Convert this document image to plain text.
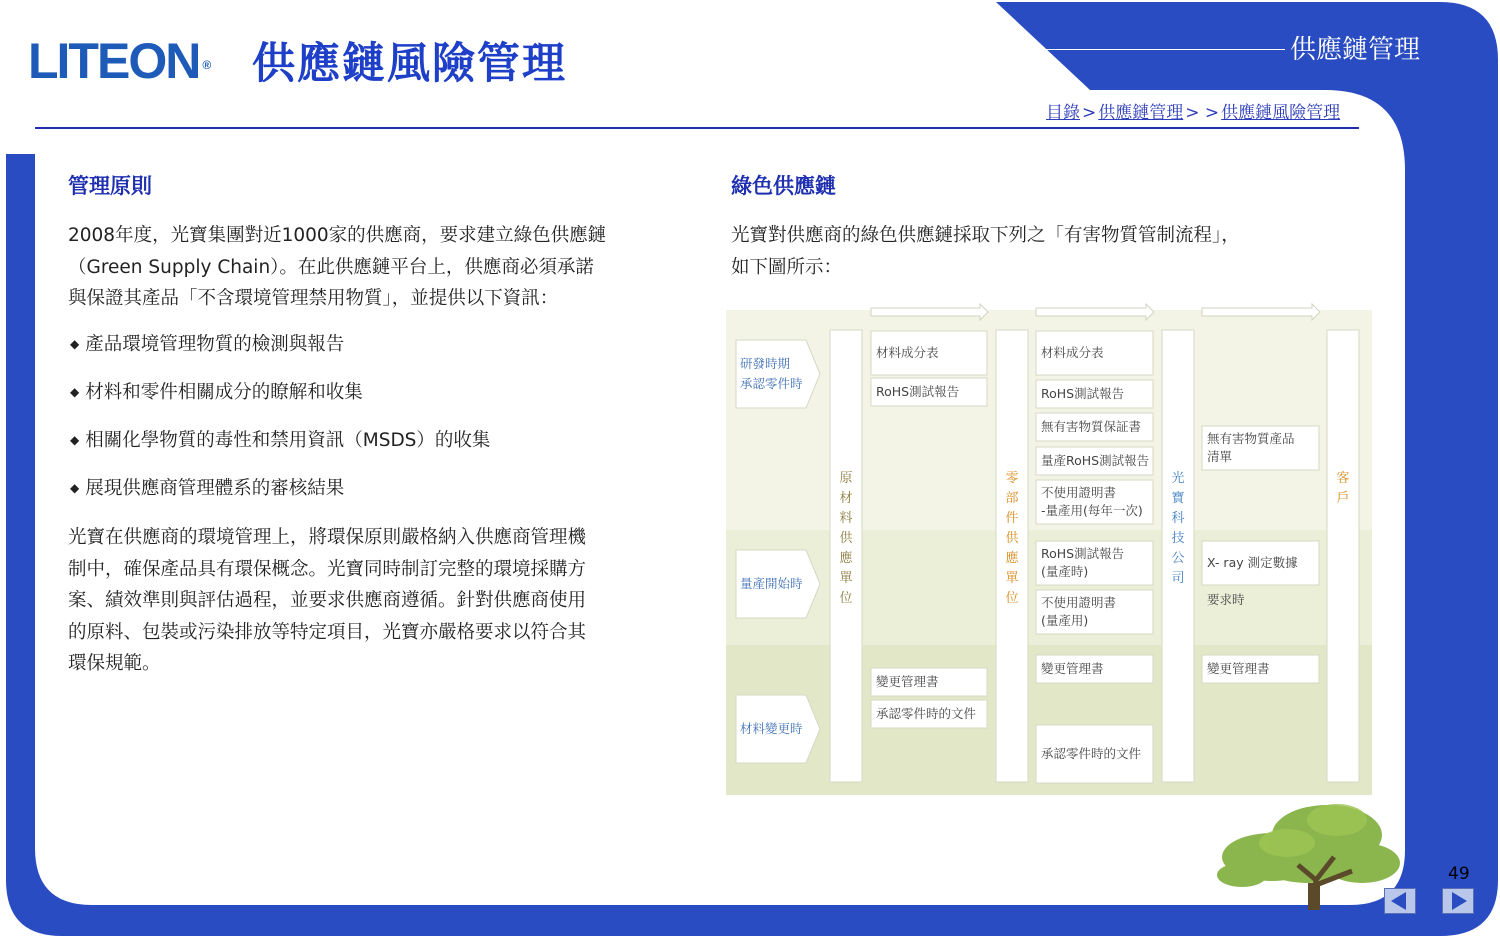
LITEON ® 供應鏈風險管理	供應鏈管理
目錄 > 供應鏈管理 > > 供應鏈風險管理
管理原則
2008年度，光寶集團對近1000家的供應商，要求建立綠色供應鏈
（Green Supply Chain）。在此供應鏈平台上，供應商必須承諾
與保證其產品「不含環境管理禁用物質」，並提供以下資訊：
◆ 產品環境管理物質的檢測與報告
◆ 材料和零件相關成分的瞭解和收集
◆ 相關化學物質的毒性和禁用資訊（MSDS）的收集
◆ 展現供應商管理體系的審核結果
光寶在供應商的環境管理上，將環保原則嚴格納入供應商管理機
制中，確保產品具有環保概念。光寶同時制訂完整的環境採購方
案、績效準則與評估過程，並要求供應商遵循。針對供應商使用
的原料、包裝或污染排放等特定項目，光寶亦嚴格要求以符合其
環保規範。
綠色供應鏈
光寶對供應商的綠色供應鏈採取下列之「有害物質管制流程」，
如下圖所示：
研發時期
承認零件時
量產開始時
材料變更時
原
材
料
供
應
單
位
零
部
件
供
應
單
位
光
寶
科
技
公
司
客
戶
材料成分表
RoHS測試報告
變更管理書
承認零件時的文件
材料成分表
RoHS測試報告
無有害物質保証書
量產RoHS測試報告
不使用證明書
-量產用(每年一次)
RoHS測試報告
(量產時)
不使用證明書
(量產用)
變更管理書
承認零件時的文件
無有害物質產品
清單
X- ray 測定數據
變更管理書
要求時
49
